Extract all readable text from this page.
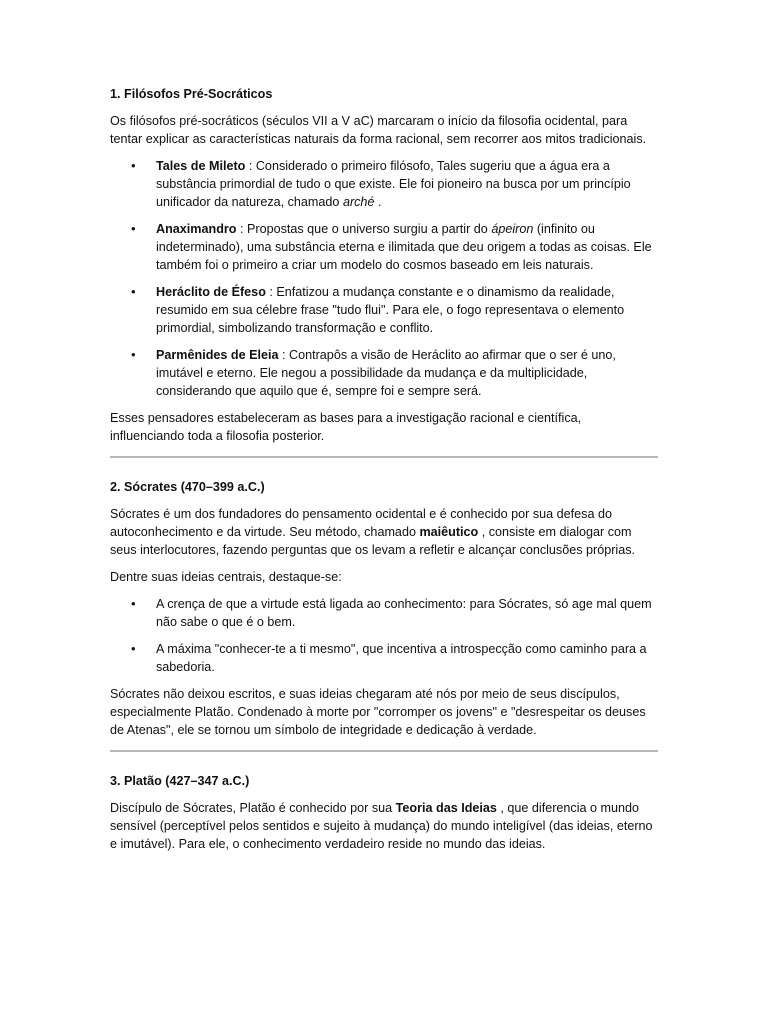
1. Filósofos Pré-Socráticos

Os filósofos pré-socráticos (séculos VII a V aC) marcaram o início da filosofia ocidental, para tentar explicar as características naturais da forma racional, sem recorrer aos mitos tradicionais.

• Tales de Mileto : Considerado o primeiro filósofo, Tales sugeriu que a água era a substância primordial de tudo o que existe. Ele foi pioneiro na busca por um princípio unificador da natureza, chamado arché .
• Anaximandro : Propostas que o universo surgiu a partir do ápeiron (infinito ou indeterminado), uma substância eterna e ilimitada que deu origem a todas as coisas. Ele também foi o primeiro a criar um modelo do cosmos baseado em leis naturais.
• Heráclito de Éfeso : Enfatizou a mudança constante e o dinamismo da realidade, resumido em sua célebre frase "tudo flui". Para ele, o fogo representava o elemento primordial, simbolizando transformação e conflito.
• Parmênides de Eleia : Contrapôs a visão de Heráclito ao afirmar que o ser é uno, imutável e eterno. Ele negou a possibilidade da mudança e da multiplicidade, considerando que aquilo que é, sempre foi e sempre será.

Esses pensadores estabeleceram as bases para a investigação racional e científica, influenciando toda a filosofia posterior.

2. Sócrates (470–399 a.C.)

Sócrates é um dos fundadores do pensamento ocidental e é conhecido por sua defesa do autoconhecimento e da virtude. Seu método, chamado maiêutico , consiste em dialogar com seus interlocutores, fazendo perguntas que os levam a refletir e alcançar conclusões próprias.

Dentre suas ideias centrais, destaque-se:

• A crença de que a virtude está ligada ao conhecimento: para Sócrates, só age mal quem não sabe o que é o bem.
• A máxima "conhecer-te a ti mesmo", que incentiva a introspecção como caminho para a sabedoria.

Sócrates não deixou escritos, e suas ideias chegaram até nós por meio de seus discípulos, especialmente Platão. Condenado à morte por "corromper os jovens" e "desrespeitar os deuses de Atenas", ele se tornou um símbolo de integridade e dedicação à verdade.

3. Platão (427–347 a.C.)

Discípulo de Sócrates, Platão é conhecido por sua Teoria das Ideias , que diferencia o mundo sensível (perceptível pelos sentidos e sujeito à mudança) do mundo inteligível (das ideias, eterno e imutável). Para ele, o conhecimento verdadeiro reside no mundo das ideias.
